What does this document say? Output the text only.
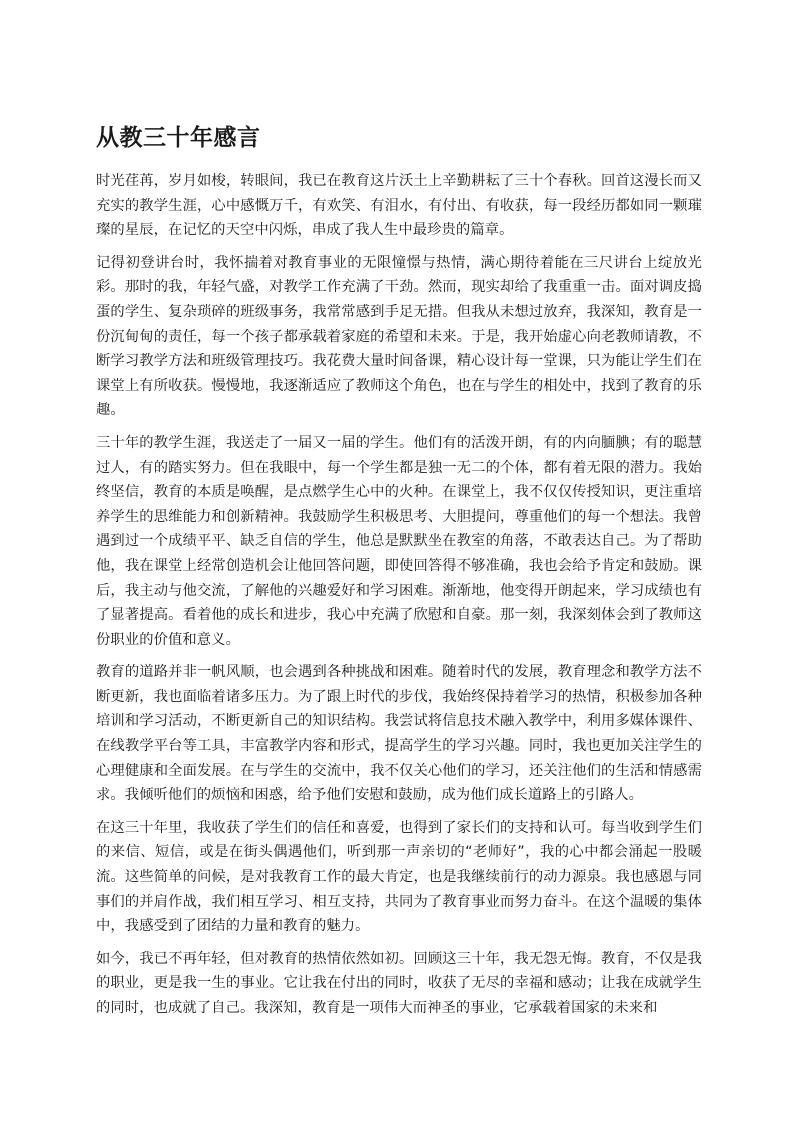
从教三十年感言

时光荏苒，岁月如梭，转眼间，我已在教育这片沃土上辛勤耕耘了三十个春秋。回首这漫长而又充实的教学生涯，心中感慨万千，有欢笑、有泪水，有付出、有收获，每一段经历都如同一颗璀璨的星辰，在记忆的天空中闪烁，串成了我人生中最珍贵的篇章。

记得初登讲台时，我怀揣着对教育事业的无限憧憬与热情，满心期待着能在三尺讲台上绽放光彩。那时的我，年轻气盛，对教学工作充满了干劲。然而，现实却给了我重重一击。面对调皮捣蛋的学生、复杂琐碎的班级事务，我常常感到手足无措。但我从未想过放弃，我深知，教育是一份沉甸甸的责任，每一个孩子都承载着家庭的希望和未来。于是，我开始虚心向老教师请教，不断学习教学方法和班级管理技巧。我花费大量时间备课，精心设计每一堂课，只为能让学生们在课堂上有所收获。慢慢地，我逐渐适应了教师这个角色，也在与学生的相处中，找到了教育的乐趣。

三十年的教学生涯，我送走了一届又一届的学生。他们有的活泼开朗，有的内向腼腆；有的聪慧过人，有的踏实努力。但在我眼中，每一个学生都是独一无二的个体，都有着无限的潜力。我始终坚信，教育的本质是唤醒，是点燃学生心中的火种。在课堂上，我不仅仅传授知识，更注重培养学生的思维能力和创新精神。我鼓励学生积极思考、大胆提问，尊重他们的每一个想法。我曾遇到过一个成绩平平、缺乏自信的学生，他总是默默坐在教室的角落，不敢表达自己。为了帮助他，我在课堂上经常创造机会让他回答问题，即使回答得不够准确，我也会给予肯定和鼓励。课后，我主动与他交流，了解他的兴趣爱好和学习困难。渐渐地，他变得开朗起来，学习成绩也有了显著提高。看着他的成长和进步，我心中充满了欣慰和自豪。那一刻，我深刻体会到了教师这份职业的价值和意义。

教育的道路并非一帆风顺，也会遇到各种挑战和困难。随着时代的发展，教育理念和教学方法不断更新，我也面临着诸多压力。为了跟上时代的步伐，我始终保持着学习的热情，积极参加各种培训和学习活动，不断更新自己的知识结构。我尝试将信息技术融入教学中，利用多媒体课件、在线教学平台等工具，丰富教学内容和形式，提高学生的学习兴趣。同时，我也更加关注学生的心理健康和全面发展。在与学生的交流中，我不仅关心他们的学习，还关注他们的生活和情感需求。我倾听他们的烦恼和困惑，给予他们安慰和鼓励，成为他们成长道路上的引路人。

在这三十年里，我收获了学生们的信任和喜爱，也得到了家长们的支持和认可。每当收到学生们的来信、短信，或是在街头偶遇他们，听到那一声亲切的“老师好”，我的心中都会涌起一股暖流。这些简单的问候，是对我教育工作的最大肯定，也是我继续前行的动力源泉。我也感恩与同事们的并肩作战，我们相互学习、相互支持，共同为了教育事业而努力奋斗。在这个温暖的集体中，我感受到了团结的力量和教育的魅力。

如今，我已不再年轻，但对教育的热情依然如初。回顾这三十年，我无怨无悔。教育，不仅是我的职业，更是我一生的事业。它让我在付出的同时，收获了无尽的幸福和感动；让我在成就学生的同时，也成就了自己。我深知，教育是一项伟大而神圣的事业，它承载着国家的未来和
